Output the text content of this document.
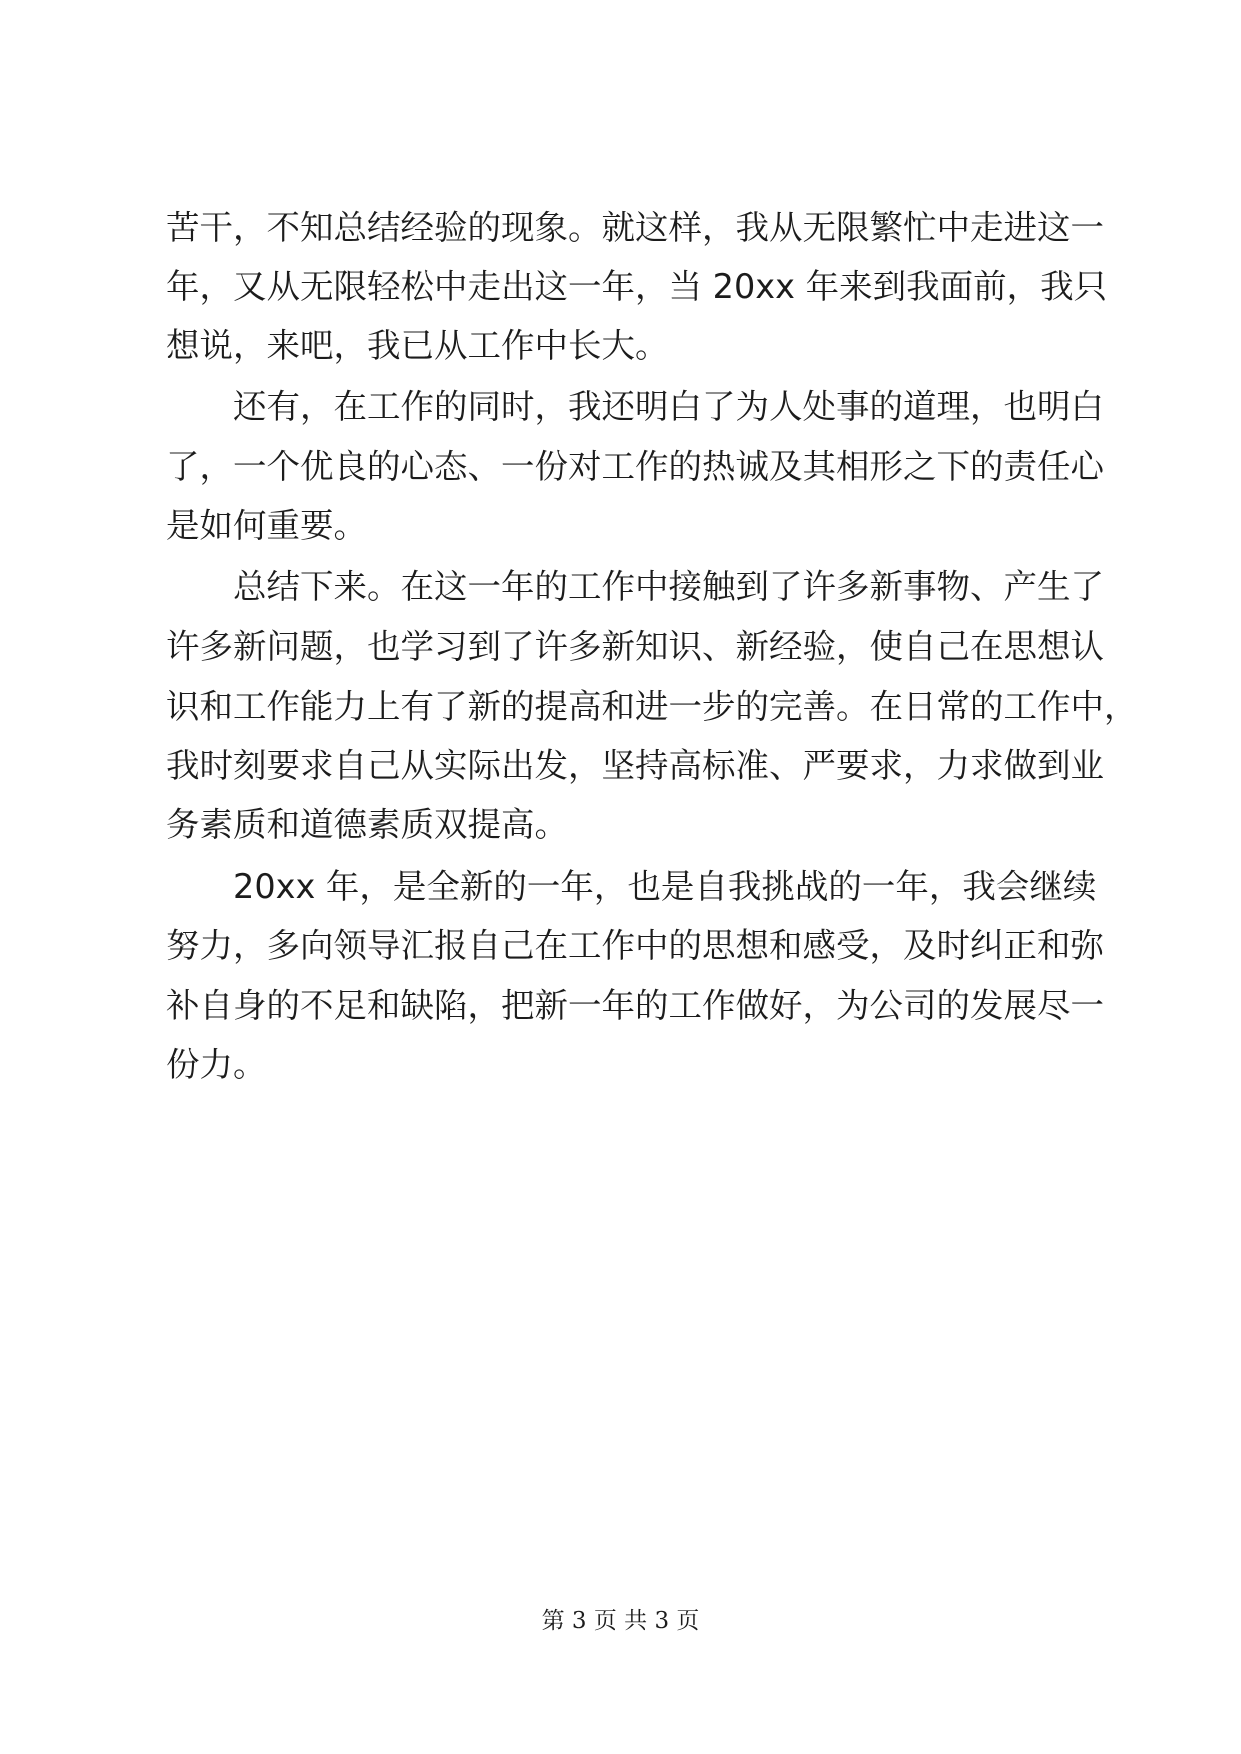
苦干，不知总结经验的现象。就这样，我从无限繁忙中走进这一
年，又从无限轻松中走出这一年，当 20xx 年来到我面前，我只
想说，来吧，我已从工作中长大。
还有，在工作的同时，我还明白了为人处事的道理，也明白
了，一个优良的心态、一份对工作的热诚及其相形之下的责任心
是如何重要。
总结下来。在这一年的工作中接触到了许多新事物、产生了
许多新问题，也学习到了许多新知识、新经验，使自己在思想认
识和工作能力上有了新的提高和进一步的完善。在日常的工作中，
我时刻要求自己从实际出发，坚持高标准、严要求，力求做到业
务素质和道德素质双提高。
20xx 年，是全新的一年，也是自我挑战的一年，我会继续
努力，多向领导汇报自己在工作中的思想和感受，及时纠正和弥
补自身的不足和缺陷，把新一年的工作做好，为公司的发展尽一
份力。
第 3 页 共 3 页
